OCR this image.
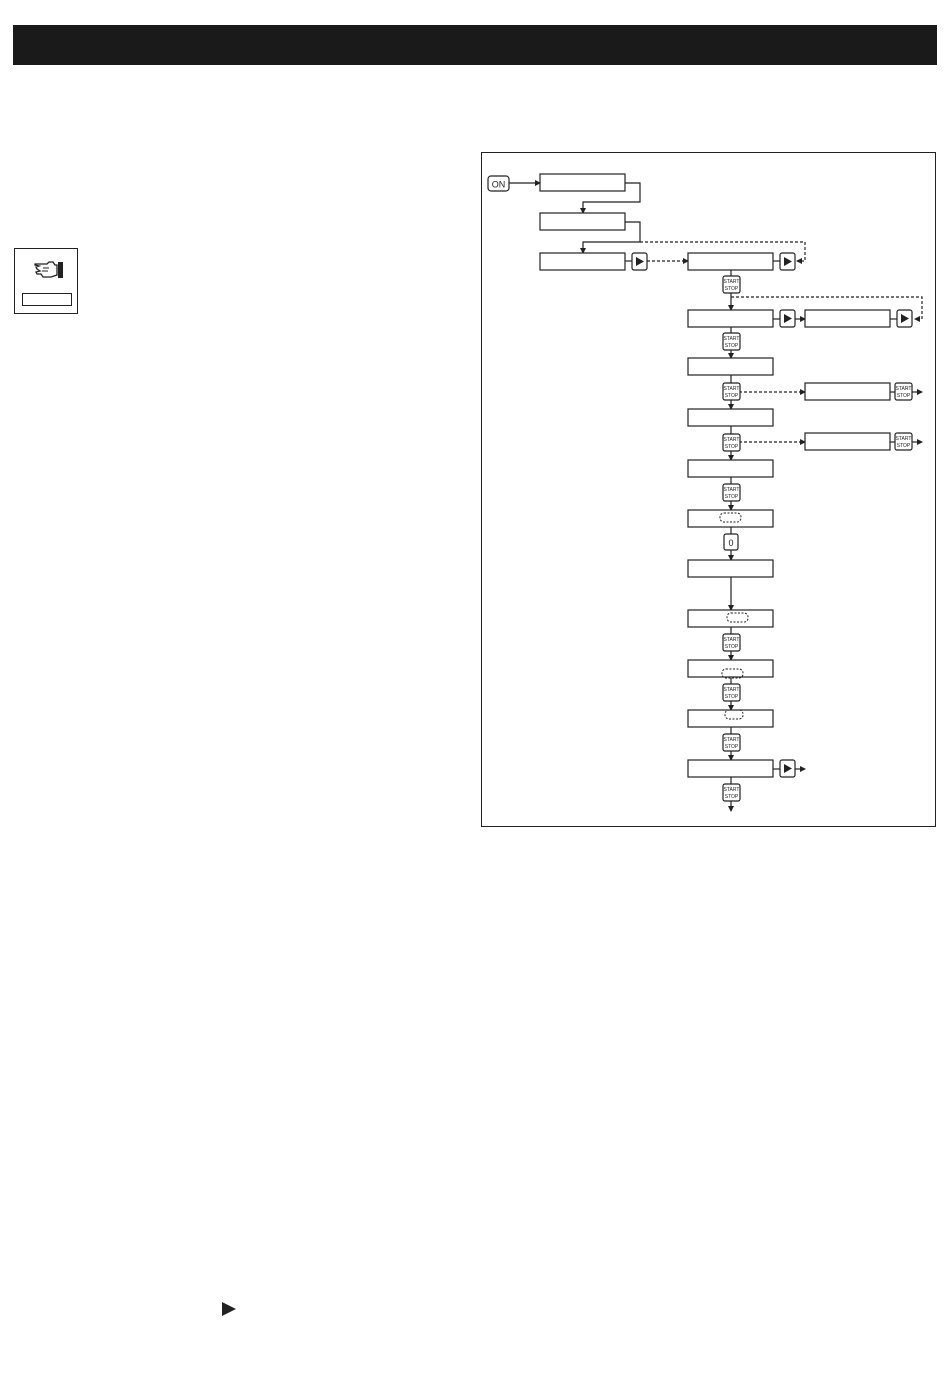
ON
0
START
STOP
START
STOP
START
STOP
START
STOP
START
STOP
START
STOP
START
STOP
START
STOP
START
STOP
START
STOP
START
STOP
